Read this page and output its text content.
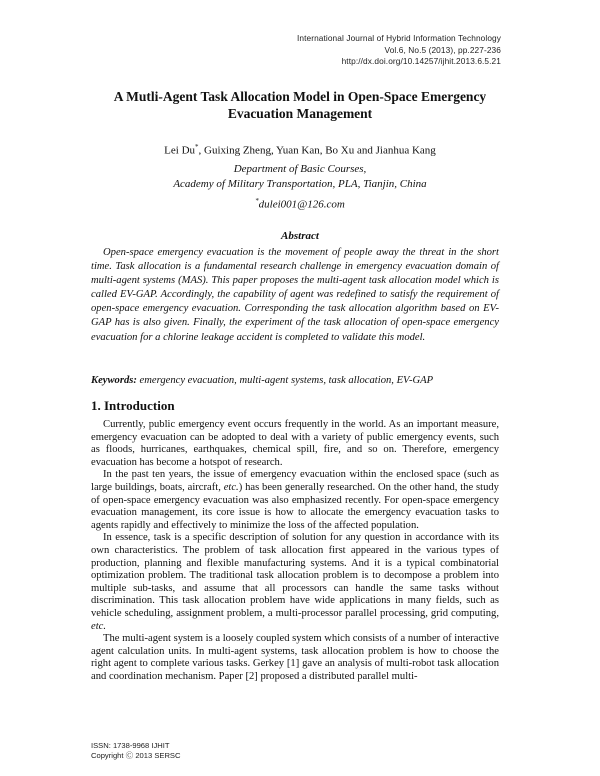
International Journal of Hybrid Information Technology
Vol.6, No.5 (2013), pp.227-236
http://dx.doi.org/10.14257/ijhit.2013.6.5.21
A Mutli-Agent Task Allocation Model in Open-Space Emergency
Evacuation Management
Lei Du*, Guixing Zheng, Yuan Kan, Bo Xu and Jianhua Kang
Department of Basic Courses,
Academy of Military Transportation, PLA, Tianjin, China
*dulei001@126.com
Abstract
Open-space emergency evacuation is the movement of people away the threat in the short time. Task allocation is a fundamental research challenge in emergency evacuation domain of multi-agent systems (MAS). This paper proposes the multi-agent task allocation model which is called EV-GAP. Accordingly, the capability of agent was redefined to satisfy the requirement of open-space emergency evacuation. Corresponding the task allocation algorithm based on EV-GAP has is also given. Finally, the experiment of the task allocation of open-space emergency evacuation for a chlorine leakage accident is completed to validate this model.
Keywords: emergency evacuation, multi-agent systems, task allocation, EV-GAP
1. Introduction

Currently, public emergency event occurs frequently in the world. As an important measure, emergency evacuation can be adopted to deal with a variety of public emergency events, such as floods, hurricanes, earthquakes, chemical spill, fire, and so on. Therefore, emergency evacuation has become a hotspot of research.

In the past ten years, the issue of emergency evacuation within the enclosed space (such as large buildings, boats, aircraft, etc.) has been generally researched. On the other hand, the study of open-space emergency evacuation was also emphasized recently. For open-space emergency evacuation management, its core issue is how to allocate the emergency evacuation tasks to agents rapidly and effectively to minimize the loss of the affected population.

In essence, task is a specific description of solution for any question in accordance with its own characteristics. The problem of task allocation first appeared in the various types of production, planning and flexible manufacturing systems. And it is a typical combinatorial optimization problem. The traditional task allocation problem is to decompose a problem into multiple sub-tasks, and assume that all processors can handle the same tasks without discrimination. This task allocation problem have wide applications in many fields, such as vehicle scheduling, assignment problem, a multi-processor parallel processing, grid computing, etc.

The multi-agent system is a loosely coupled system which consists of a number of interactive agent calculation units. In multi-agent systems, task allocation problem is how to choose the right agent to complete various tasks. Gerkey [1] gave an analysis of multi-robot task allocation and coordination mechanism. Paper [2] proposed a distributed parallel multi-

ISSN: 1738-9968 IJHIT
Copyright Ⓒ 2013 SERSC
